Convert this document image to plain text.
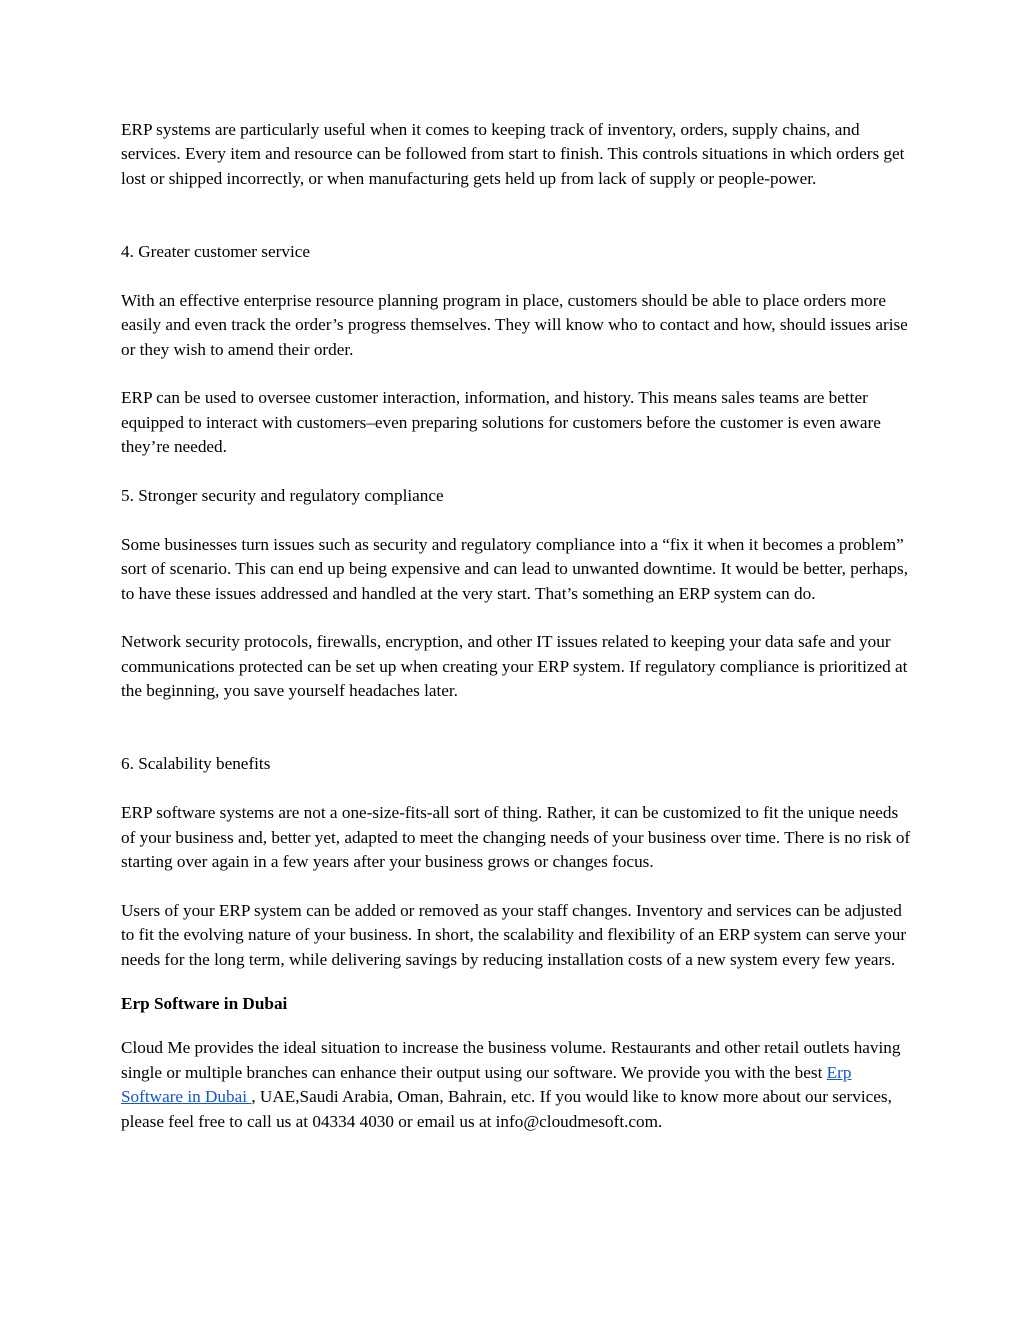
ERP systems are particularly useful when it comes to keeping track of inventory, orders, supply chains, and services. Every item and resource can be followed from start to finish. This controls situations in which orders get lost or shipped incorrectly, or when manufacturing gets held up from lack of supply or people-power.

4. Greater customer service

With an effective enterprise resource planning program in place, customers should be able to place orders more easily and even track the order’s progress themselves. They will know who to contact and how, should issues arise or they wish to amend their order.

ERP can be used to oversee customer interaction, information, and history. This means sales teams are better equipped to interact with customers–even preparing solutions for customers before the customer is even aware they’re needed.

5. Stronger security and regulatory compliance

Some businesses turn issues such as security and regulatory compliance into a “fix it when it becomes a problem” sort of scenario. This can end up being expensive and can lead to unwanted downtime. It would be better, perhaps, to have these issues addressed and handled at the very start. That’s something an ERP system can do.

Network security protocols, firewalls, encryption, and other IT issues related to keeping your data safe and your communications protected can be set up when creating your ERP system. If regulatory compliance is prioritized at the beginning, you save yourself headaches later.

6. Scalability benefits

ERP software systems are not a one-size-fits-all sort of thing. Rather, it can be customized to fit the unique needs of your business and, better yet, adapted to meet the changing needs of your business over time. There is no risk of starting over again in a few years after your business grows or changes focus.

Users of your ERP system can be added or removed as your staff changes. Inventory and services can be adjusted to fit the evolving nature of your business. In short, the scalability and flexibility of an ERP system can serve your needs for the long term, while delivering savings by reducing installation costs of a new system every few years.

Erp Software in Dubai

Cloud Me provides the ideal situation to increase the business volume. Restaurants and other retail outlets having single or multiple branches can enhance their output using our software. We provide you with the best Erp Software in Dubai , UAE,Saudi Arabia, Oman, Bahrain, etc. If you would like to know more about our services, please feel free to call us at 04334 4030 or email us at info@cloudmesoft.com.
